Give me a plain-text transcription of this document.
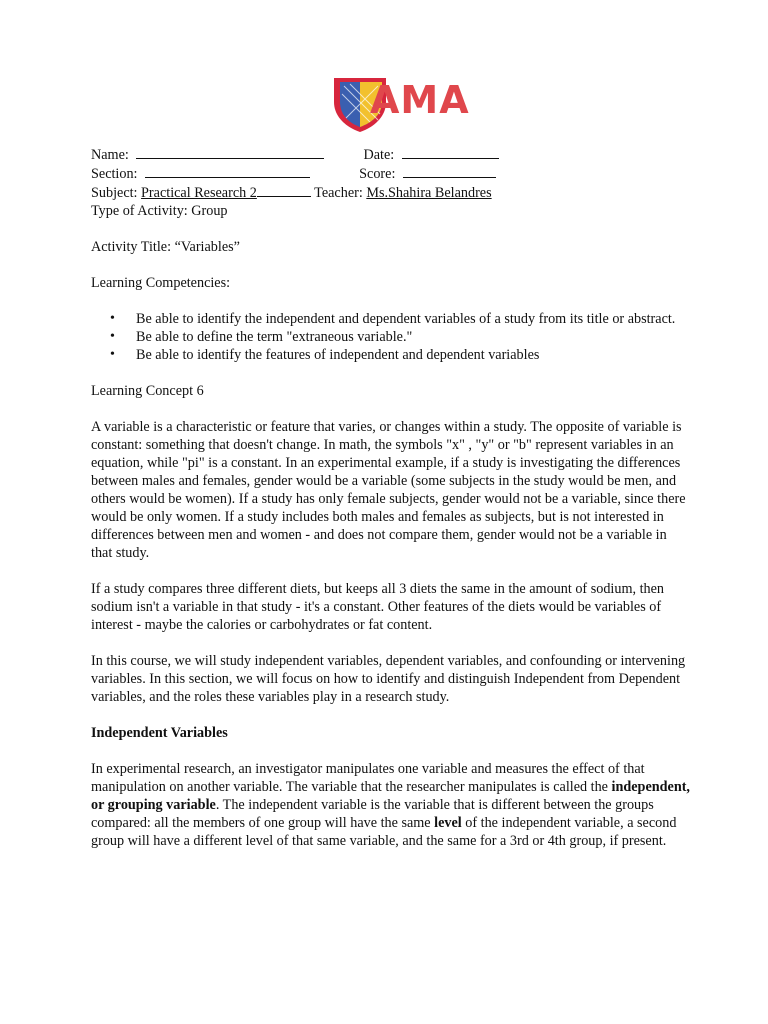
AMA
Name:	Date:
Section:	Score:
Subject: Practical Research 2	Teacher: Ms.Shahira Belandres
Type of Activity: Group
Activity Title: “Variables”
Learning Competencies:
• Be able to identify the independent and dependent variables of a study from its title or abstract.
• Be able to define the term "extraneous variable."
• Be able to identify the features of independent and dependent variables
Learning Concept 6

A variable is a characteristic or feature that varies, or changes within a study. The opposite of variable is constant: something that doesn't change. In math, the symbols "x" , "y" or "b" represent variables in an equation, while "pi" is a constant. In an experimental example, if a study is investigating the differences between males and females, gender would be a variable (some subjects in the study would be men, and others would be women). If a study has only female subjects, gender would not be a variable, since there would be only women. If a study includes both males and females as subjects, but is not interested in differences between men and women - and does not compare them, gender would not be a variable in that study.

If a study compares three different diets, but keeps all 3 diets the same in the amount of sodium, then sodium isn't a variable in that study - it's a constant. Other features of the diets would be variables of interest - maybe the calories or carbohydrates or fat content.

In this course, we will study independent variables, dependent variables, and confounding or intervening variables. In this section, we will focus on how to identify and distinguish Independent from Dependent variables, and the roles these variables play in a research study.

Independent Variables

In experimental research, an investigator manipulates one variable and measures the effect of that manipulation on another variable. The variable that the researcher manipulates is called the independent, or grouping variable. The independent variable is the variable that is different between the groups compared: all the members of one group will have the same level of the independent variable, a second group will have a different level of that same variable, and the same for a 3rd or 4th group, if present.
